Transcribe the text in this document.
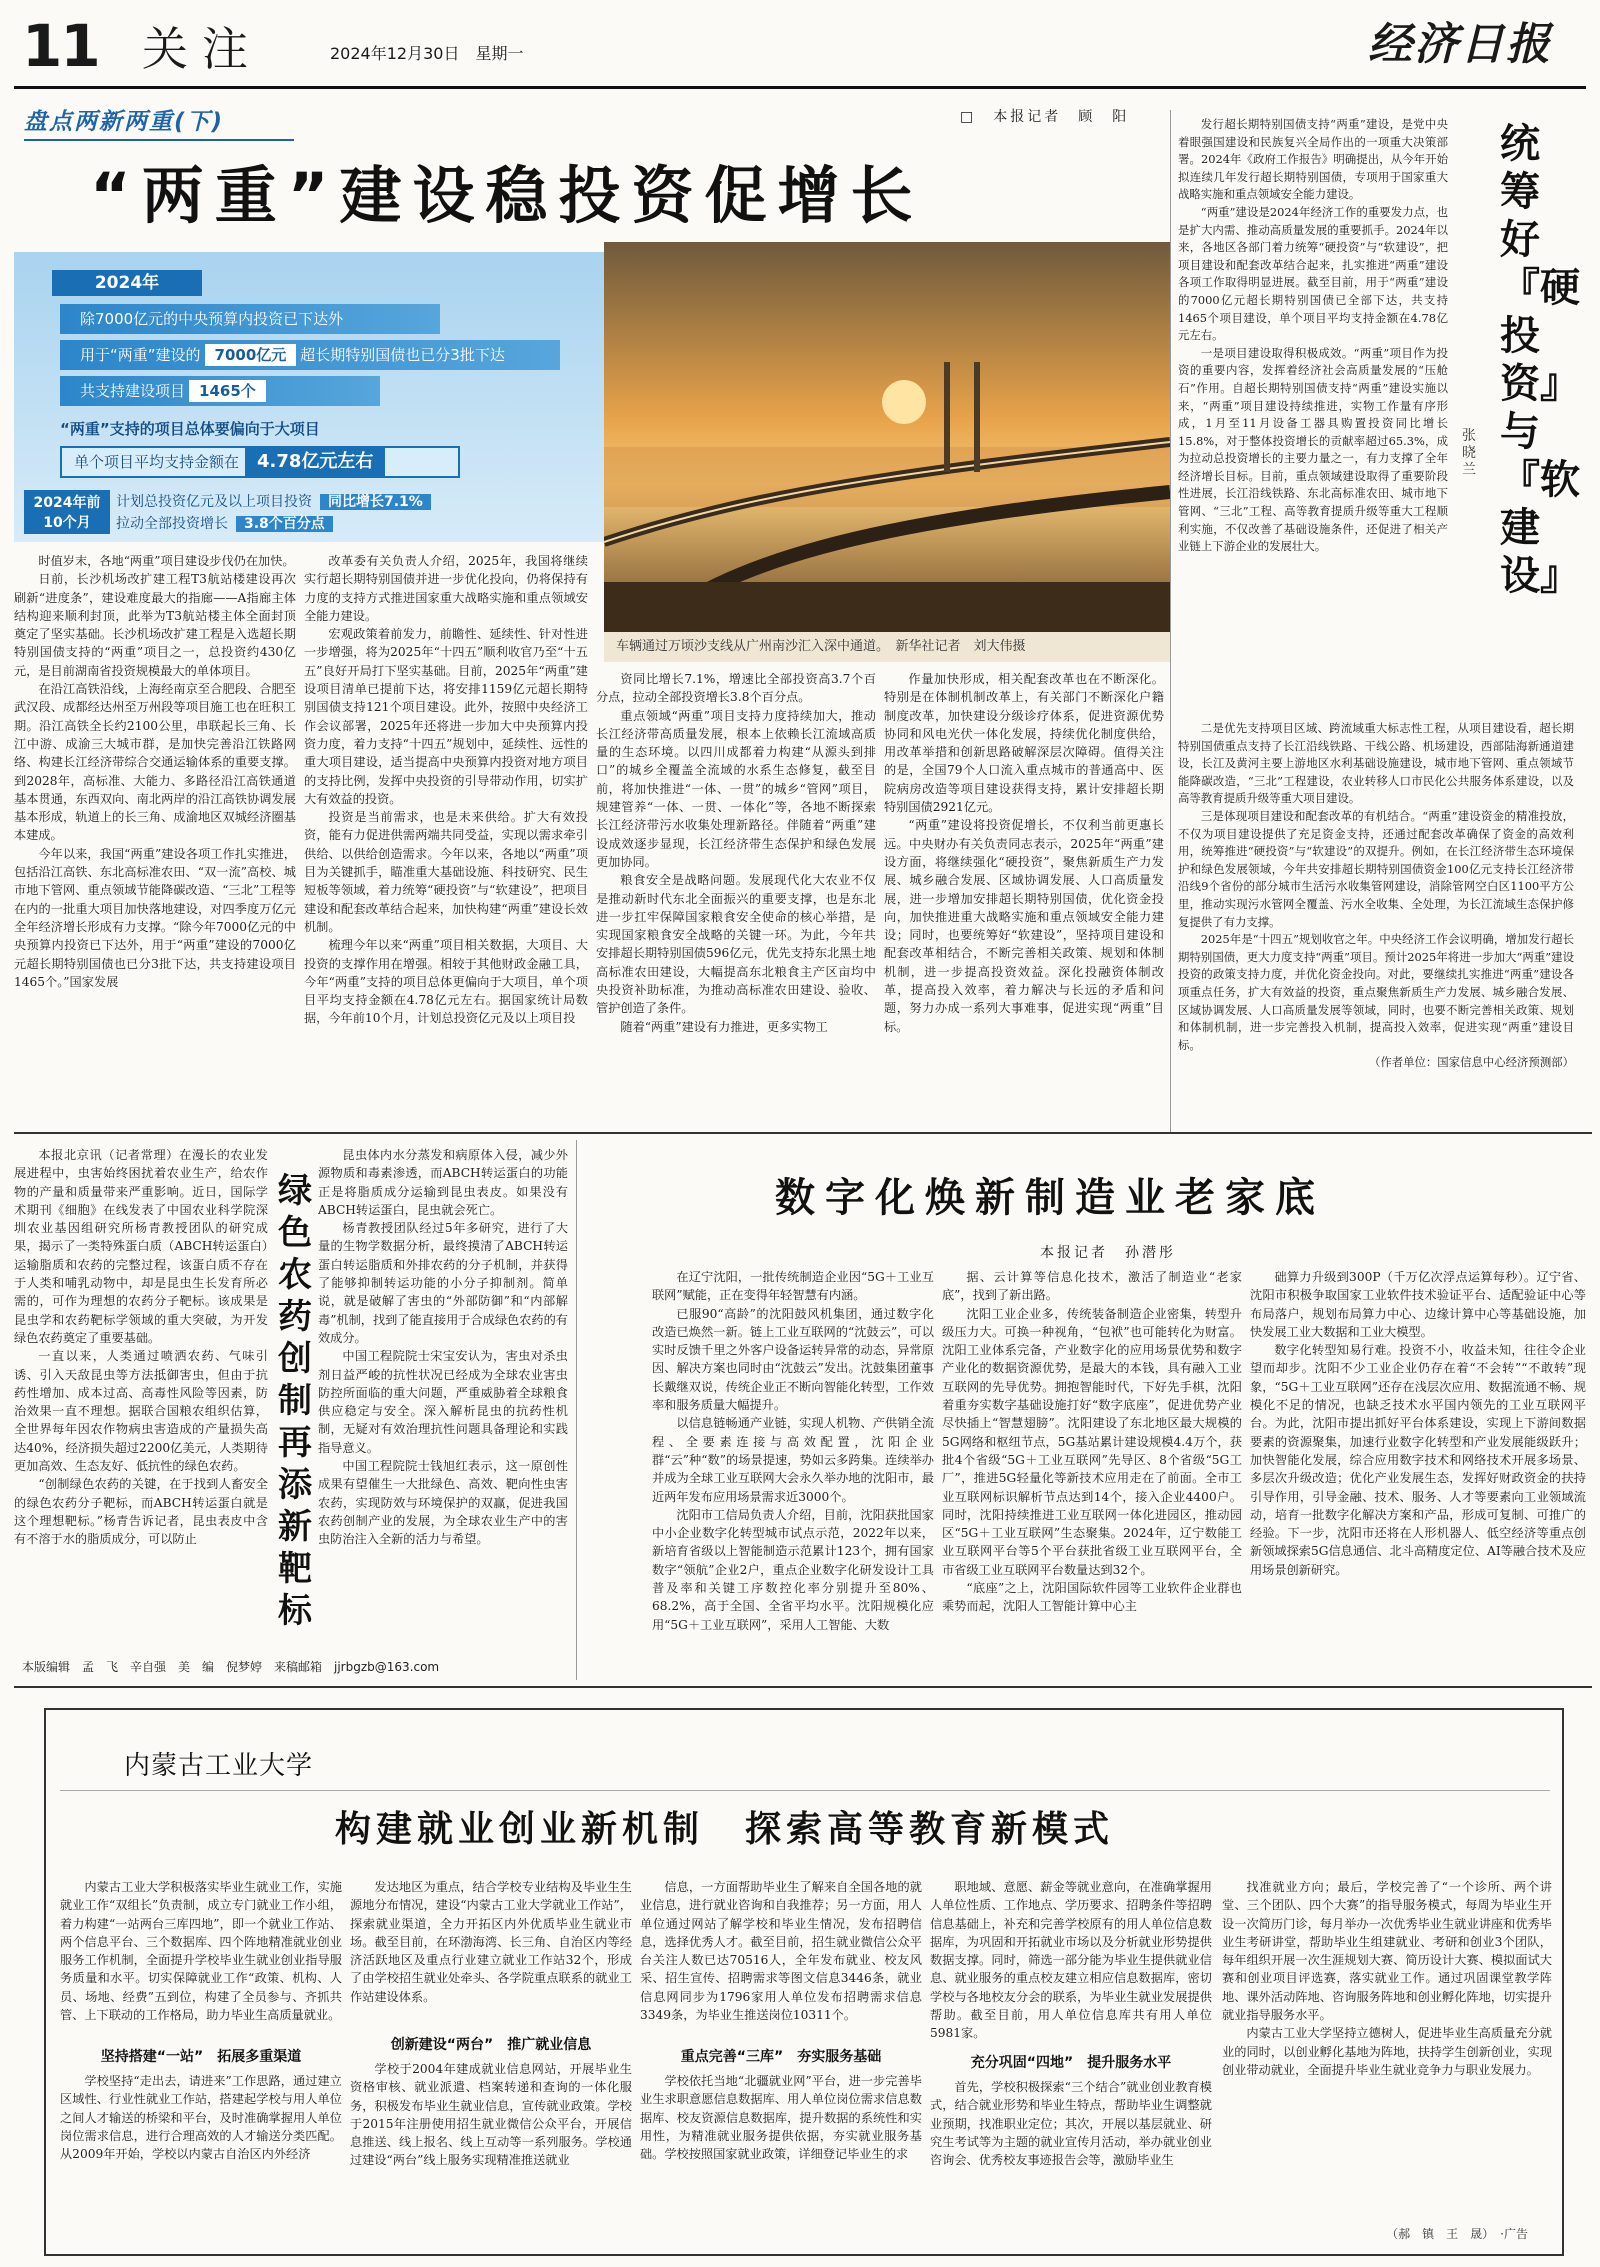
11 关注	2024年12月30日　星期一	经济日报
盘点两新两重(下)	□　本报记者　顾　阳
“两重”建设稳投资促增长
2024年
除7000亿元的中央预算内投资已下达外
用于“两重”建设的 7000亿元 超长期特别国债也已分3批下达
共支持建设项目 1465个
“两重”支持的项目总体要偏向于大项目
单个项目平均支持金额在 4.78亿元左右
2024年前10个月
计划总投资亿元及以上项目投资 同比增长7.1%
拉动全部投资增长 3.8个百分点
车辆通过万顷沙支线从广州南沙汇入深中通道。　新华社记者　刘大伟摄

时值岁末，各地“两重”项目建设步伐仍在加快。

日前，长沙机场改扩建工程T3航站楼建设再次刷新“进度条”，建设难度最大的指廊——A指廊主体结构迎来顺利封顶，此举为T3航站楼主体全面封顶奠定了坚实基础。长沙机场改扩建工程是入选超长期特别国债支持的“两重”项目之一，总投资约430亿元，是目前湖南省投资规模最大的单体项目。

在沿江高铁沿线，上海经南京至合肥段、合肥至武汉段、成都经达州至万州段等项目施工也在旺积工期。沿江高铁全长约2100公里，串联起长三角、长江中游、成渝三大城市群，是加快完善沿江铁路网络、构建长江经济带综合交通运输体系的重要支撑。到2028年，高标准、大能力、多路径沿江高铁通道基本贯通，东西双向、南北两岸的沿江高铁协调发展基本形成，轨道上的长三角、成渝地区双城经济圈基本建成。

今年以来，我国“两重”建设各项工作扎实推进，包括沿江高铁、东北高标准农田、“双一流”高校、城市地下管网、重点领域节能降碳改造、“三北”工程等在内的一批重大项目加快落地建设，对四季度万亿元全年经济增长形成有力支撑。“除今年7000亿元的中央预算内投资已下达外，用于“两重”建设的7000亿元超长期特别国债也已分3批下达，共支持建设项目1465个。”国家发展

改革委有关负责人介绍，2025年，我国将继续实行超长期特别国债并进一步优化投向，仍将保持有力度的支持方式推进国家重大战略实施和重点领域安全能力建设。

宏观政策着前发力，前瞻性、延续性、针对性进一步增强，将为2025年“十四五”顺利收官乃至“十五五”良好开局打下坚实基础。目前，2025年“两重”建设项目清单已提前下达，将安排1159亿元超长期特别国债支持121个项目建设。此外，按照中央经济工作会议部署，2025年还将进一步加大中央预算内投资力度，着力支持“十四五”规划中，延续性、远性的重大项目建设，适当提高中央预算内投资对地方项目的支持比例，发挥中央投资的引导带动作用，切实扩大有效益的投资。

投资是当前需求，也是未来供给。扩大有效投资，能有力促进供需两端共同受益，实现以需求牵引供给、以供给创造需求。今年以来，各地以“两重”项目为关键抓手，瞄准重大基础设施、科技研究、民生短板等领域，着力统筹“硬投资”与“软建设”，把项目建设和配套改革结合起来，加快构建“两重”建设长效机制。

梳理今年以来“两重”项目相关数据，大项目、大投资的支撑作用在增强。相较于其他财政金融工具，今年“两重”支持的项目总体更偏向于大项目，单个项目平均支持金额在4.78亿元左右。据国家统计局数据，今年前10个月，计划总投资亿元及以上项目投

资同比增长7.1%，增速比全部投资高3.7个百分点，拉动全部投资增长3.8个百分点。

重点领域“两重”项目支持力度持续加大，推动长江经济带高质量发展，根本上依赖长江流域高质量的生态环境。以四川成都着力构建“从源头到排口”的城乡全覆盖全流域的水系生态修复，截至目前，将加快推进“一体、一贯”的城乡“管网”项目，规建管养“一体、一贯、一体化”等，各地不断探索长江经济带污水收集处理新路径。伴随着“两重”建设成效逐步显现，长江经济带生态保护和绿色发展更加协同。

粮食安全是战略问题。发展现代化大农业不仅是推动新时代东北全面振兴的重要支撑，也是东北进一步扛牢保障国家粮食安全使命的核心举措，是实现国家粮食安全战略的关键一环。为此，今年共安排超长期特别国债596亿元，优先支持东北黑土地高标准农田建设，大幅提高东北粮食主产区亩均中央投资补助标准，为推动高标准农田建设、验收、管护创造了条件。

随着“两重”建设有力推进，更多实物工

作量加快形成，相关配套改革也在不断深化。特别是在体制机制改革上，有关部门不断深化户籍制度改革，加快建设分级诊疗体系，促进资源优势协同和风电光伏一体化发展，持续优化制度供给，用改革举措和创新思路破解深层次障碍。值得关注的是，全国79个人口流入重点城市的普通高中、医院病房改造等项目建设获得支持，累计安排超长期特别国债2921亿元。

“两重”建设将投资促增长，不仅利当前更惠长远。中央财办有关负责同志表示，2025年“两重”建设方面，将继续强化“硬投资”，聚焦新质生产力发展、城乡融合发展、区域协调发展、人口高质量发展，进一步增加安排超长期特别国债，优化资金投向，加快推进重大战略实施和重点领域安全能力建设；同时，也要统筹好“软建设”，坚持项目建设和配套改革相结合，不断完善相关政策、规划和体制机制，进一步提高投资效益。深化投融资体制改革，提高投入效率，着力解决与长远的矛盾和问题，努力办成一系列大事难事，促进实现“两重”目标。

统筹好『硬投资』与『软建设』
张晓兰

发行超长期特别国债支持“两重”建设，是党中央着眼强国建设和民族复兴全局作出的一项重大决策部署。2024年《政府工作报告》明确提出，从今年开始拟连续几年发行超长期特别国债，专项用于国家重大战略实施和重点领域安全能力建设。

“两重”建设是2024年经济工作的重要发力点，也是扩大内需、推动高质量发展的重要抓手。2024年以来，各地区各部门着力统筹“硬投资”与“软建设”，把项目建设和配套改革结合起来，扎实推进“两重”建设各项工作取得明显进展。截至目前，用于“两重”建设的7000亿元超长期特别国债已全部下达，共支持1465个项目建设，单个项目平均支持金额在4.78亿元左右。

一是项目建设取得积极成效。“两重”项目作为投资的重要内容，发挥着经济社会高质量发展的“压舱石”作用。自超长期特别国债支持“两重”建设实施以来，“两重”项目建设持续推进，实物工作量有序形成，1月至11月设备工器具购置投资同比增长15.8%，对于整体投资增长的贡献率超过65.3%，成为拉动总投资增长的主要力量之一，有力支撑了全年经济增长目标。目前，重点领域建设取得了重要阶段性进展，长江沿线铁路、东北高标准农田、城市地下管网、“三北”工程、高等教育提质升级等重大工程顺利实施，不仅改善了基础设施条件，还促进了相关产业链上下游企业的发展壮大。

二是优先支持项目区域、跨流域重大标志性工程，从项目建设看，超长期特别国债重点支持了长江沿线铁路、干线公路、机场建设，西部陆海新通道建设，长江及黄河主要上游地区水利基础设施建设，城市地下管网、重点领域节能降碳改造，“三北”工程建设，农业转移人口市民化公共服务体系建设，以及高等教育提质升级等重大项目建设。

三是体现项目建设和配套改革的有机结合。“两重”建设资金的精准投放，不仅为项目建设提供了充足资金支持，还通过配套改革确保了资金的高效利用，统筹推进“硬投资”与“软建设”的双提升。例如，在长江经济带生态环境保护和绿色发展领域，今年共安排超长期特别国债资金100亿元支持长江经济带沿线9个省份的部分城市生活污水收集管网建设，消除管网空白区1100平方公里，推动实现污水管网全覆盖、污水全收集、全处理，为长江流域生态保护修复提供了有力支撑。

2025年是“十四五”规划收官之年。中央经济工作会议明确，增加发行超长期特别国债，更大力度支持“两重”项目。预计2025年将进一步加大“两重”建设投资的政策支持力度，并优化资金投向。对此，要继续扎实推进“两重”建设各项重点任务，扩大有效益的投资，重点聚焦新质生产力发展、城乡融合发展、区域协调发展、人口高质量发展等领域，同时，也要不断完善相关政策、规划和体制机制，进一步完善投入机制，提高投入效率，促进实现“两重”建设目标。

（作者单位：国家信息中心经济预测部）

本报北京讯（记者常理）在漫长的农业发展进程中，虫害始终困扰着农业生产，给农作物的产量和质量带来严重影响。近日，国际学术期刊《细胞》在线发表了中国农业科学院深圳农业基因组研究所杨青教授团队的研究成果，揭示了一类特殊蛋白质（ABCH转运蛋白）运输脂质和农药的完整过程，该蛋白质不存在于人类和哺乳动物中，却是昆虫生长发育所必需的，可作为理想的农药分子靶标。该成果是昆虫学和农药靶标学领域的重大突破，为开发绿色农药奠定了重要基础。

一直以来，人类通过喷洒农药、气味引诱、引入天敌昆虫等方法抵御害虫，但由于抗药性增加、成本过高、高毒性风险等因素，防治效果一直不理想。据联合国粮农组织估算，全世界每年因农作物病虫害造成的产量损失高达40%，经济损失超过2200亿美元，人类期待更加高效、生态友好、低抗性的绿色农药。

“创制绿色农药的关键，在于找到人畜安全的绿色农药分子靶标，而ABCH转运蛋白就是这个理想靶标。”杨青告诉记者，昆虫表皮中含有不溶于水的脂质成分，可以防止

绿色农药创制再添新靶标

昆虫体内水分蒸发和病原体入侵，减少外源物质和毒素渗透，而ABCH转运蛋白的功能正是将脂质成分运输到昆虫表皮。如果没有ABCH转运蛋白，昆虫就会死亡。

杨青教授团队经过5年多研究，进行了大量的生物学数据分析，最终摸清了ABCH转运蛋白转运脂质和外排农药的分子机制，并获得了能够抑制转运功能的小分子抑制剂。简单说，就是破解了害虫的“外部防御”和“内部解毒”机制，找到了能直接用于合成绿色农药的有效成分。

中国工程院院士宋宝安认为，害虫对杀虫剂日益严峻的抗性状况已经成为全球农业害虫防控所面临的重大问题，严重威胁着全球粮食供应稳定与安全。深入解析昆虫的抗药性机制，无疑对有效治理抗性问题具备理论和实践指导意义。

中国工程院院士钱旭红表示，这一原创性成果有望催生一大批绿色、高效、靶向性虫害农药，实现防效与环境保护的双赢，促进我国农药创制产业的发展，为全球农业生产中的害虫防治注入全新的活力与希望。

本版编辑　孟　飞　辛自强　美　编　倪梦婷　来稿邮箱　jjrbgzb@163.com
数字化焕新制造业老家底
本报记者　孙潜彤

在辽宁沈阳，一批传统制造企业因“5G＋工业互联网”赋能，正在变得年轻智慧有内涵。

已服90“高龄”的沈阳鼓风机集团，通过数字化改造已焕然一新。链上工业互联网的“沈鼓云”，可以实时反馈千里之外客户设备运转异常的动态，异常原因、解决方案也同时由“沈鼓云”发出。沈鼓集团董事长戴继双说，传统企业正不断向智能化转型，工作效率和服务质量大幅提升。

以信息链畅通产业链，实现人机物、产供销全流程、全要素连接与高效配置，沈阳企业群“云”种“数”的场景提速，势如云多跨集。连续举办并成为全球工业互联网大会永久举办地的沈阳市，最近两年发布应用场景需求近3000个。

沈阳市工信局负责人介绍，目前，沈阳获批国家中小企业数字化转型城市试点示范，2022年以来，新培育省级以上智能制造示范累计123个，拥有国家数字“领航”企业2户，重点企业数字化研发设计工具普及率和关键工序数控化率分别提升至80%、68.2%，高于全国、全省平均水平。沈阳规模化应用“5G＋工业互联网”，采用人工智能、大数

据、云计算等信息化技术，激活了制造业“老家底”，找到了新出路。

沈阳工业企业多，传统装备制造企业密集，转型升级压力大。可换一种视角，“包袱”也可能转化为财富。沈阳工业体系完备，产业数字化的应用场景优势和数字产业化的数据资源优势，是最大的本钱，具有融入工业互联网的先导优势。拥抱智能时代，下好先手棋，沈阳着重夯实数字基础设施打好“数字底座”，促进优势产业尽快插上“智慧翅膀”。沈阳建设了东北地区最大规模的5G网络和枢纽节点，5G基站累计建设规模4.4万个，获批4个省级“5G＋工业互联网”先导区、8个省级“5G工厂”，推进5G轻量化等新技术应用走在了前面。全市工业互联网标识解析节点达到14个，接入企业4400户。同时，沈阳持续推进工业互联网一体化进园区，推动园区“5G＋工业互联网”生态聚集。2024年，辽宁数能工业互联网平台等5个平台获批省级工业互联网平台，全市省级工业互联网平台数量达到32个。

“底座”之上，沈阳国际软件园等工业软件企业群也乘势而起，沈阳人工智能计算中心主

础算力升级到300P（千万亿次浮点运算每秒）。辽宁省、沈阳市积极争取国家工业软件技术验证平台、适配验证中心等布局落户，规划布局算力中心、边缘计算中心等基础设施，加快发展工业大数据和工业大模型。

数字化转型知易行难。投资不小，收益未知，往往令企业望而却步。沈阳不少工业企业仍存在着“不会转”“不敢转”现象，“5G＋工业互联网”还存在浅层次应用、数据流通不畅、规模化不足的情况，也缺乏技术水平国内领先的工业互联网平台。为此，沈阳市提出抓好平台体系建设，实现上下游间数据要素的资源聚集，加速行业数字化转型和产业发展能级跃升；加快智能化发展，综合应用数字技术和网络技术开展多场景、多层次升级改造；优化产业发展生态，发挥好财政资金的扶持引导作用，引导金融、技术、服务、人才等要素向工业领域流动，培育一批数字化解决方案和产品，形成可复制、可推广的经验。下一步，沈阳市还将在人形机器人、低空经济等重点创新领域探索5G信息通信、北斗高精度定位、AI等融合技术及应用场景创新研究。

内蒙古工业大学
构建就业创业新机制　探索高等教育新模式

内蒙古工业大学积极落实毕业生就业工作，实施就业工作“双组长”负责制，成立专门就业工作小组，着力构建“一站两台三库四地”，即一个就业工作站、两个信息平台、三个数据库、四个阵地精准就业创业服务工作机制，全面提升学校毕业生就业创业指导服务质量和水平。切实保障就业工作“政策、机构、人员、场地、经费”五到位，构建了全员参与、齐抓共管、上下联动的工作格局，助力毕业生高质量就业。

坚持搭建“一站”　拓展多重渠道

学校坚持“走出去，请进来”工作思路，通过建立区域性、行业性就业工作站，搭建起学校与用人单位之间人才输送的桥梁和平台，及时准确掌握用人单位岗位需求信息，进行合理高效的人才输送分类匹配。从2009年开始，学校以内蒙古自治区内外经济

发达地区为重点，结合学校专业结构及毕业生生源地分布情况，建设“内蒙古工业大学就业工作站”，探索就业渠道，全力开拓区内外优质毕业生就业市场。截至目前，在环渤海湾、长三角、自治区内等经济活跃地区及重点行业建立就业工作站32个，形成了由学校招生就业处牵头、各学院重点联系的就业工作站建设体系。

创新建设“两台”　推广就业信息

学校于2004年建成就业信息网站，开展毕业生资格审核、就业派遣、档案转递和查询的一体化服务，积极发布毕业生就业信息，宣传就业政策。学校于2015年注册使用招生就业微信公众平台，开展信息推送、线上报名、线上互动等一系列服务。学校通过建设“两台”线上服务实现精准推送就业

信息，一方面帮助毕业生了解来自全国各地的就业信息，进行就业咨询和自我推荐；另一方面，用人单位通过网站了解学校和毕业生情况，发布招聘信息，选择优秀人才。截至目前，招生就业微信公众平台关注人数已达70516人，全年发布就业、校友风采、招生宣传、招聘需求等图文信息3446条，就业信息网同步为1796家用人单位发布招聘需求信息3349条，为毕业生推送岗位10311个。

重点完善“三库”　夯实服务基础

学校依托当地“北疆就业网”平台，进一步完善毕业生求职意愿信息数据库、用人单位岗位需求信息数据库、校友资源信息数据库，提升数据的系统性和实用性，为精准就业服务提供依据，夯实就业服务基础。学校按照国家就业政策，详细登记毕业生的求

职地域、意愿、薪金等就业意向，在准确掌握用人单位性质、工作地点、学历要求、招聘条件等招聘信息基础上，补充和完善学校原有的用人单位信息数据库，为巩固和开拓就业市场以及分析就业形势提供数据支撑。同时，筛选一部分能为毕业生提供就业信息、就业服务的重点校友建立相应信息数据库，密切学校与各地校友分会的联系，为毕业生就业发展提供帮助。截至目前，用人单位信息库共有用人单位5981家。

充分巩固“四地”　提升服务水平

首先，学校积极探索“三个结合”就业创业教育模式，结合就业形势和毕业生特点，帮助毕业生调整就业预期，找准职业定位；其次，开展以基层就业、研究生考试等为主题的就业宣传月活动，举办就业创业咨询会、优秀校友事迹报告会等，激励毕业生

找准就业方向；最后，学校完善了“一个诊所、两个讲堂、三个团队、四个大赛”的指导服务模式，每周为毕业生开设一次简历门诊，每月举办一次优秀毕业生就业讲座和优秀毕业生考研讲堂，帮助毕业生组建就业、考研和创业3个团队，每年组织开展一次生涯规划大赛、简历设计大赛、模拟面试大赛和创业项目评选赛，落实就业工作。通过巩固课堂教学阵地、课外活动阵地、咨询服务阵地和创业孵化阵地，切实提升就业指导服务水平。

内蒙古工业大学坚持立德树人，促进毕业生高质量充分就业的同时，以创业孵化基地为阵地，扶持学生创新创业，实现创业带动就业，全面提升毕业生就业竞争力与职业发展力。

（郝　镇　王　晟）　·广告
